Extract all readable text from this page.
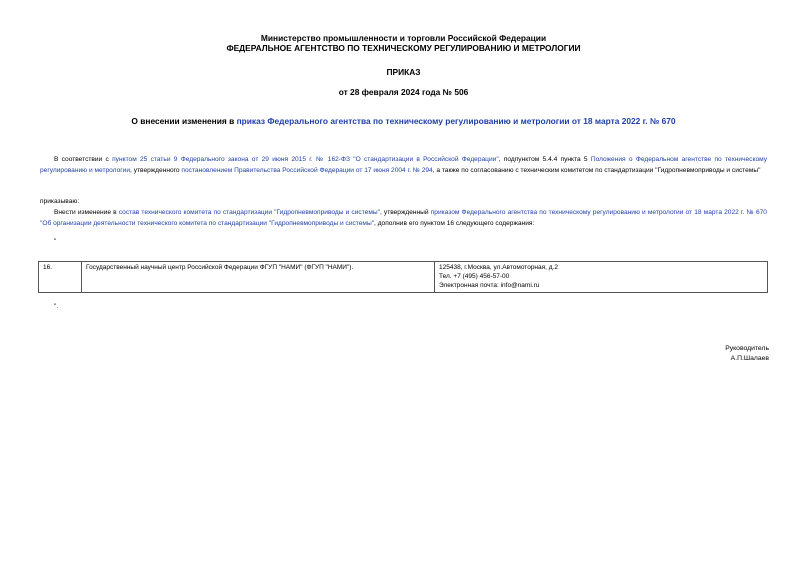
Министерство промышленности и торговли Российской Федерации
ФЕДЕРАЛЬНОЕ АГЕНТСТВО ПО ТЕХНИЧЕСКОМУ РЕГУЛИРОВАНИЮ И МЕТРОЛОГИИ
ПРИКАЗ
от 28 февраля 2024 года № 506
О внесении изменения в приказ Федерального агентства по техническому регулированию и метрологии от 18 марта 2022 г. № 670
В соответствии с пунктом 25 статьи 9 Федерального закона от 29 июня 2015 г. № 162-ФЗ "О стандартизации в Российской Федерации", подпунктом 5.4.4 пункта 5 Положения о Федеральном агентстве по техническому регулированию и метрологии, утвержденного постановлением Правительства Российской Федерации от 17 июня 2004 г. № 294, а также по согласованию с техническим комитетом по стандартизации "Гидропневмоприводы и системы"
приказываю:
Внести изменение в состав технического комитета по стандартизации "Гидропневмоприводы и системы", утвержденный приказом Федерального агентства по техническому регулированию и метрологии от 18 марта 2022 г. № 670 "Об организации деятельности технического комитета по стандартизации "Гидропневмоприводы и системы", дополнив его пунктом 16 следующего содержания:
"
16.	Государственный научный центр Российской Федерации ФГУП "НАМИ" (ФГУП "НАМИ").	125438, г.Москва, ул.Автомоторная, д.2
Тел. +7 (495) 456-57-00
Электронная почта: info@nami.ru
".
Руководитель
А.П.Шалаев
